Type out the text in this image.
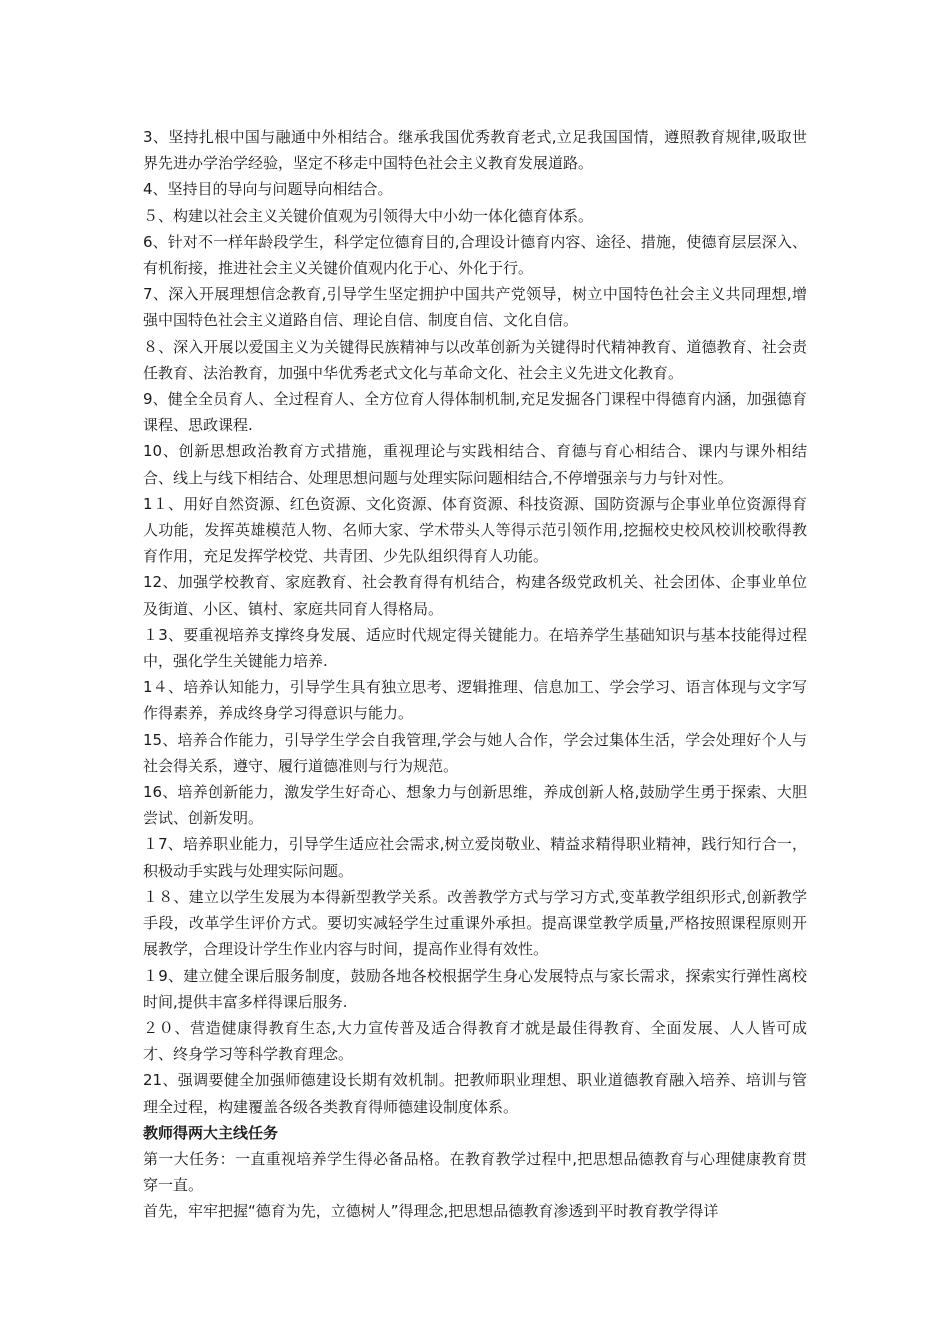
3、坚持扎根中国与融通中外相结合。继承我国优秀教育老式,立足我国国情，遵照教育规律,吸取世界先进办学治学经验，坚定不移走中国特色社会主义教育发展道路。

4、坚持目的导向与问题导向相结合。

５、构建以社会主义关键价值观为引领得大中小幼一体化德育体系。

6、针对不一样年龄段学生，科学定位德育目的,合理设计德育内容、途径、措施，使德育层层深入、有机衔接，推进社会主义关键价值观内化于心、外化于行。

7、深入开展理想信念教育,引导学生坚定拥护中国共产党领导，树立中国特色社会主义共同理想,增强中国特色社会主义道路自信、理论自信、制度自信、文化自信。

８、深入开展以爱国主义为关键得民族精神与以改革创新为关键得时代精神教育、道德教育、社会责任教育、法治教育，加强中华优秀老式文化与革命文化、社会主义先进文化教育。

9、健全全员育人、全过程育人、全方位育人得体制机制,充足发掘各门课程中得德育内涵，加强德育课程、思政课程.

10、创新思想政治教育方式措施，重视理论与实践相结合、育德与育心相结合、课内与课外相结合、线上与线下相结合、处理思想问题与处理实际问题相结合,不停增强亲与力与针对性。

1１、用好自然资源、红色资源、文化资源、体育资源、科技资源、国防资源与企事业单位资源得育人功能，发挥英雄模范人物、名师大家、学术带头人等得示范引领作用,挖掘校史校风校训校歌得教育作用，充足发挥学校党、共青团、少先队组织得育人功能。

12、加强学校教育、家庭教育、社会教育得有机结合，构建各级党政机关、社会团体、企事业单位及街道、小区、镇村、家庭共同育人得格局。

１3、要重视培养支撑终身发展、适应时代规定得关键能力。在培养学生基础知识与基本技能得过程中，强化学生关键能力培养.

1４、培养认知能力，引导学生具有独立思考、逻辑推理、信息加工、学会学习、语言体现与文字写作得素养，养成终身学习得意识与能力。

15、培养合作能力，引导学生学会自我管理,学会与她人合作，学会过集体生活，学会处理好个人与社会得关系，遵守、履行道德准则与行为规范。

16、培养创新能力，激发学生好奇心、想象力与创新思维，养成创新人格,鼓励学生勇于探索、大胆尝试、创新发明。

１7、培养职业能力，引导学生适应社会需求,树立爱岗敬业、精益求精得职业精神，践行知行合一，积极动手实践与处理实际问题。

１８、建立以学生发展为本得新型教学关系。改善教学方式与学习方式,变革教学组织形式,创新教学手段，改革学生评价方式。要切实减轻学生过重课外承担。提高课堂教学质量,严格按照课程原则开展教学，合理设计学生作业内容与时间，提高作业得有效性。

１9、建立健全课后服务制度，鼓励各地各校根据学生身心发展特点与家长需求，探索实行弹性离校时间,提供丰富多样得课后服务.

２０、营造健康得教育生态,大力宣传普及适合得教育才就是最佳得教育、全面发展、人人皆可成才、终身学习等科学教育理念。

21、强调要健全加强师德建设长期有效机制。把教师职业理想、职业道德教育融入培养、培训与管理全过程，构建覆盖各级各类教育得师德建设制度体系。

教师得两大主线任务

第一大任务：一直重视培养学生得必备品格。在教育教学过程中,把思想品德教育与心理健康教育贯穿一直。

首先，牢牢把握“德育为先，立德树人”得理念,把思想品德教育渗透到平时教育教学得详
